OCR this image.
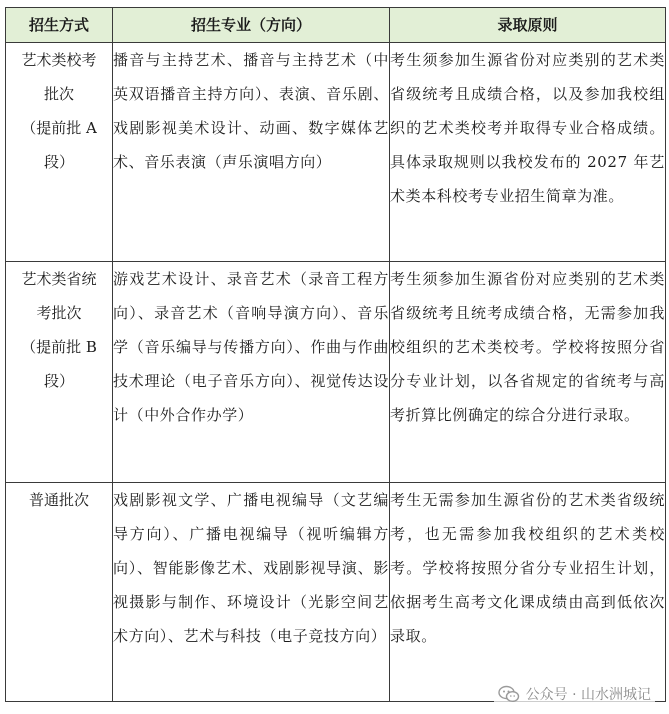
招生方式	招生专业（方向）	录取原则

艺术类校考
批次
（提前批 A
段）	播音与主持艺术、播音与主持艺术（中英双语播音主持方向）、表演、音乐剧、戏剧影视美术设计、动画、数字媒体艺术、音乐表演（声乐演唱方向）	考生须参加生源省份对应类别的艺术类省级统考且成绩合格，以及参加我校组织的艺术类校考并取得专业合格成绩。具体录取规则以我校发布的 2027 年艺术类本科校考专业招生简章为准。

艺术类省统
考批次
（提前批 B
段）	游戏艺术设计、录音艺术（录音工程方向）、录音艺术（音响导演方向）、音乐学（音乐编导与传播方向）、作曲与作曲技术理论（电子音乐方向）、视觉传达设计（中外合作办学）	考生须参加生源省份对应类别的艺术类省级统考且统考成绩合格，无需参加我校组织的艺术类校考。学校将按照分省分专业计划，以各省规定的省统考与高考折算比例确定的综合分进行录取。

普通批次	戏剧影视文学、广播电视编导（文艺编导方向）、广播电视编导（视听编辑方向）、智能影像艺术、戏剧影视导演、影视摄影与制作、环境设计（光影空间艺术方向）、艺术与科技（电子竞技方向）	考生无需参加生源省份的艺术类省级统考，也无需参加我校组织的艺术类校考。学校将按照分省分专业招生计划，依据考生高考文化课成绩由高到低依次录取。
公众号 · 山水洲城记
